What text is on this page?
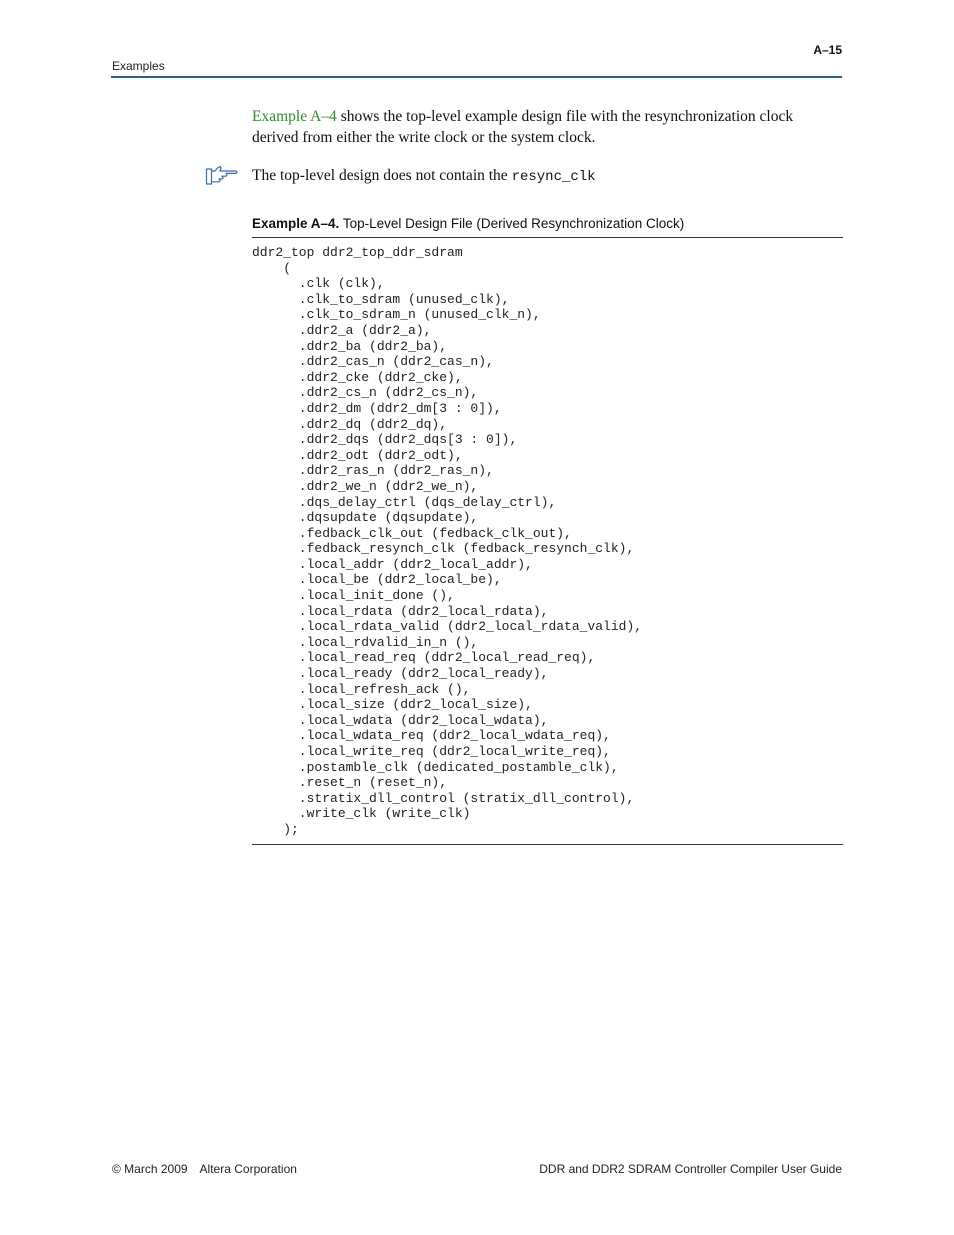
Examples
A–15

Example A–4 shows the top-level example design file with the resynchronization clock derived from either the write clock or the system clock.

The top-level design does not contain the resync_clk
Example A–4. Top-Level Design File (Derived Resynchronization Clock)
ddr2_top ddr2_top_ddr_sdram
(
.clk (clk),
.clk_to_sdram (unused_clk),
.clk_to_sdram_n (unused_clk_n),
.ddr2_a (ddr2_a),
.ddr2_ba (ddr2_ba),
.ddr2_cas_n (ddr2_cas_n),
.ddr2_cke (ddr2_cke),
.ddr2_cs_n (ddr2_cs_n),
.ddr2_dm (ddr2_dm[3 : 0]),
.ddr2_dq (ddr2_dq),
.ddr2_dqs (ddr2_dqs[3 : 0]),
.ddr2_odt (ddr2_odt),
.ddr2_ras_n (ddr2_ras_n),
.ddr2_we_n (ddr2_we_n),
.dqs_delay_ctrl (dqs_delay_ctrl),
.dqsupdate (dqsupdate),
.fedback_clk_out (fedback_clk_out),
.fedback_resynch_clk (fedback_resynch_clk),
.local_addr (ddr2_local_addr),
.local_be (ddr2_local_be),
.local_init_done (),
.local_rdata (ddr2_local_rdata),
.local_rdata_valid (ddr2_local_rdata_valid),
.local_rdvalid_in_n (),
.local_read_req (ddr2_local_read_req),
.local_ready (ddr2_local_ready),
.local_refresh_ack (),
.local_size (ddr2_local_size),
.local_wdata (ddr2_local_wdata),
.local_wdata_req (ddr2_local_wdata_req),
.local_write_req (ddr2_local_write_req),
.postamble_clk (dedicated_postamble_clk),
.reset_n (reset_n),
.stratix_dll_control (stratix_dll_control),
.write_clk (write_clk)
);
© March 2009 Altera Corporation	DDR and DDR2 SDRAM Controller Compiler User Guide
